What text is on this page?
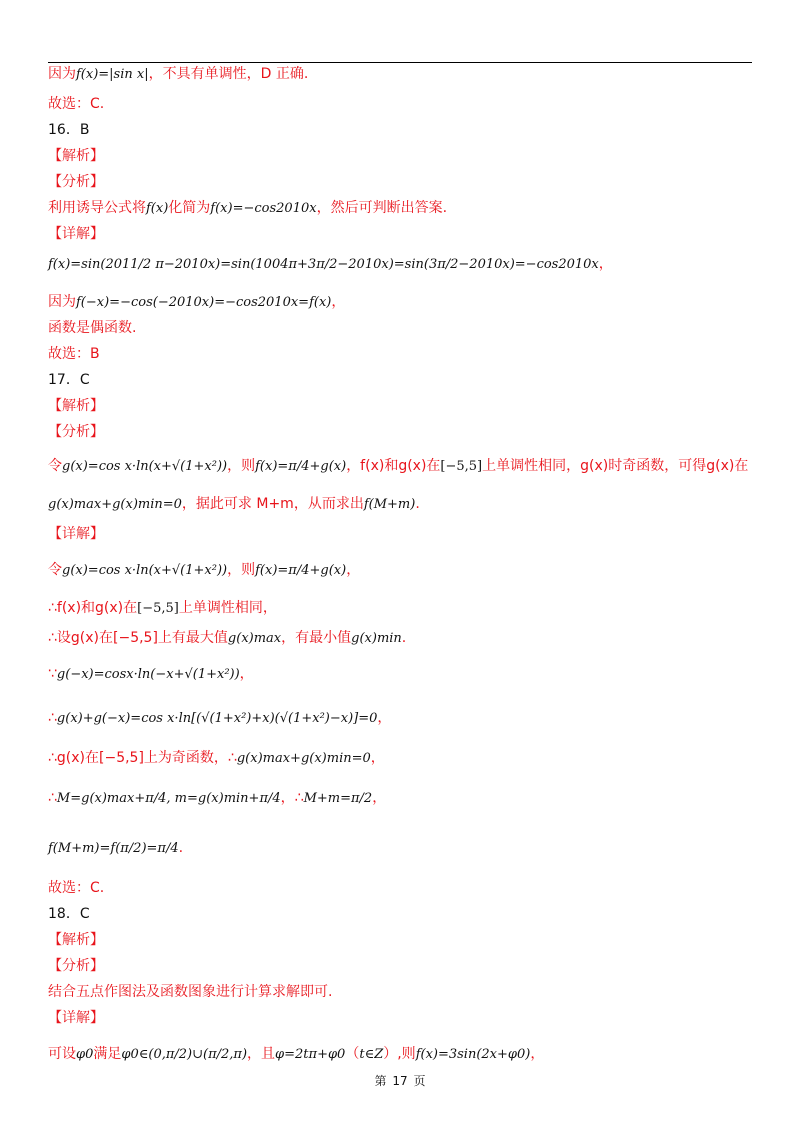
因为f(x)=|sin x|，不具有单调性，D 正确.
故选：C.
16．B
【解析】
【分析】
利用诱导公式将f(x)化简为f(x)=−cos2010x，然后可判断出答案.
【详解】
f(x)=sin(2011/2 π−2010x)=sin(1004π+3π/2−2010x)=sin(3π/2−2010x)=−cos2010x，
因为f(−x)=−cos(−2010x)=−cos2010x=f(x)，
函数是偶函数.
故选：B
17．C
【解析】
【分析】
令g(x)=cos x·ln(x+√(1+x²))，则f(x)=π/4+g(x)，f(x)和g(x)在[−5,5]上单调性相同，g(x)时奇函数，可得g(x)在
g(x)max+g(x)min=0，据此可求 M+m，从而求出f(M+m).
【详解】
令g(x)=cos x·ln(x+√(1+x²))，则f(x)=π/4+g(x)，
∴f(x)和g(x)在[−5,5]上单调性相同，
∴设g(x)在[−5,5]上有最大值g(x)max，有最小值g(x)min.
∵g(−x)=cosx·ln(−x+√(1+x²))，
∴g(x)+g(−x)=cos x·ln[(√(1+x²)+x)(√(1+x²)−x)]=0，
∴g(x)在[−5,5]上为奇函数，∴g(x)max+g(x)min=0，
∴M=g(x)max+π/4, m=g(x)min+π/4，∴M+m=π/2，
f(M+m)=f(π/2)=π/4.
故选：C.
18．C
【解析】
【分析】
结合五点作图法及函数图象进行计算求解即可.
【详解】
可设φ0满足φ0∈(0,π/2)∪(π/2,π)，且φ=2tπ+φ0（t∈Z）,则f(x)=3sin(2x+φ0)，
第 17 页
